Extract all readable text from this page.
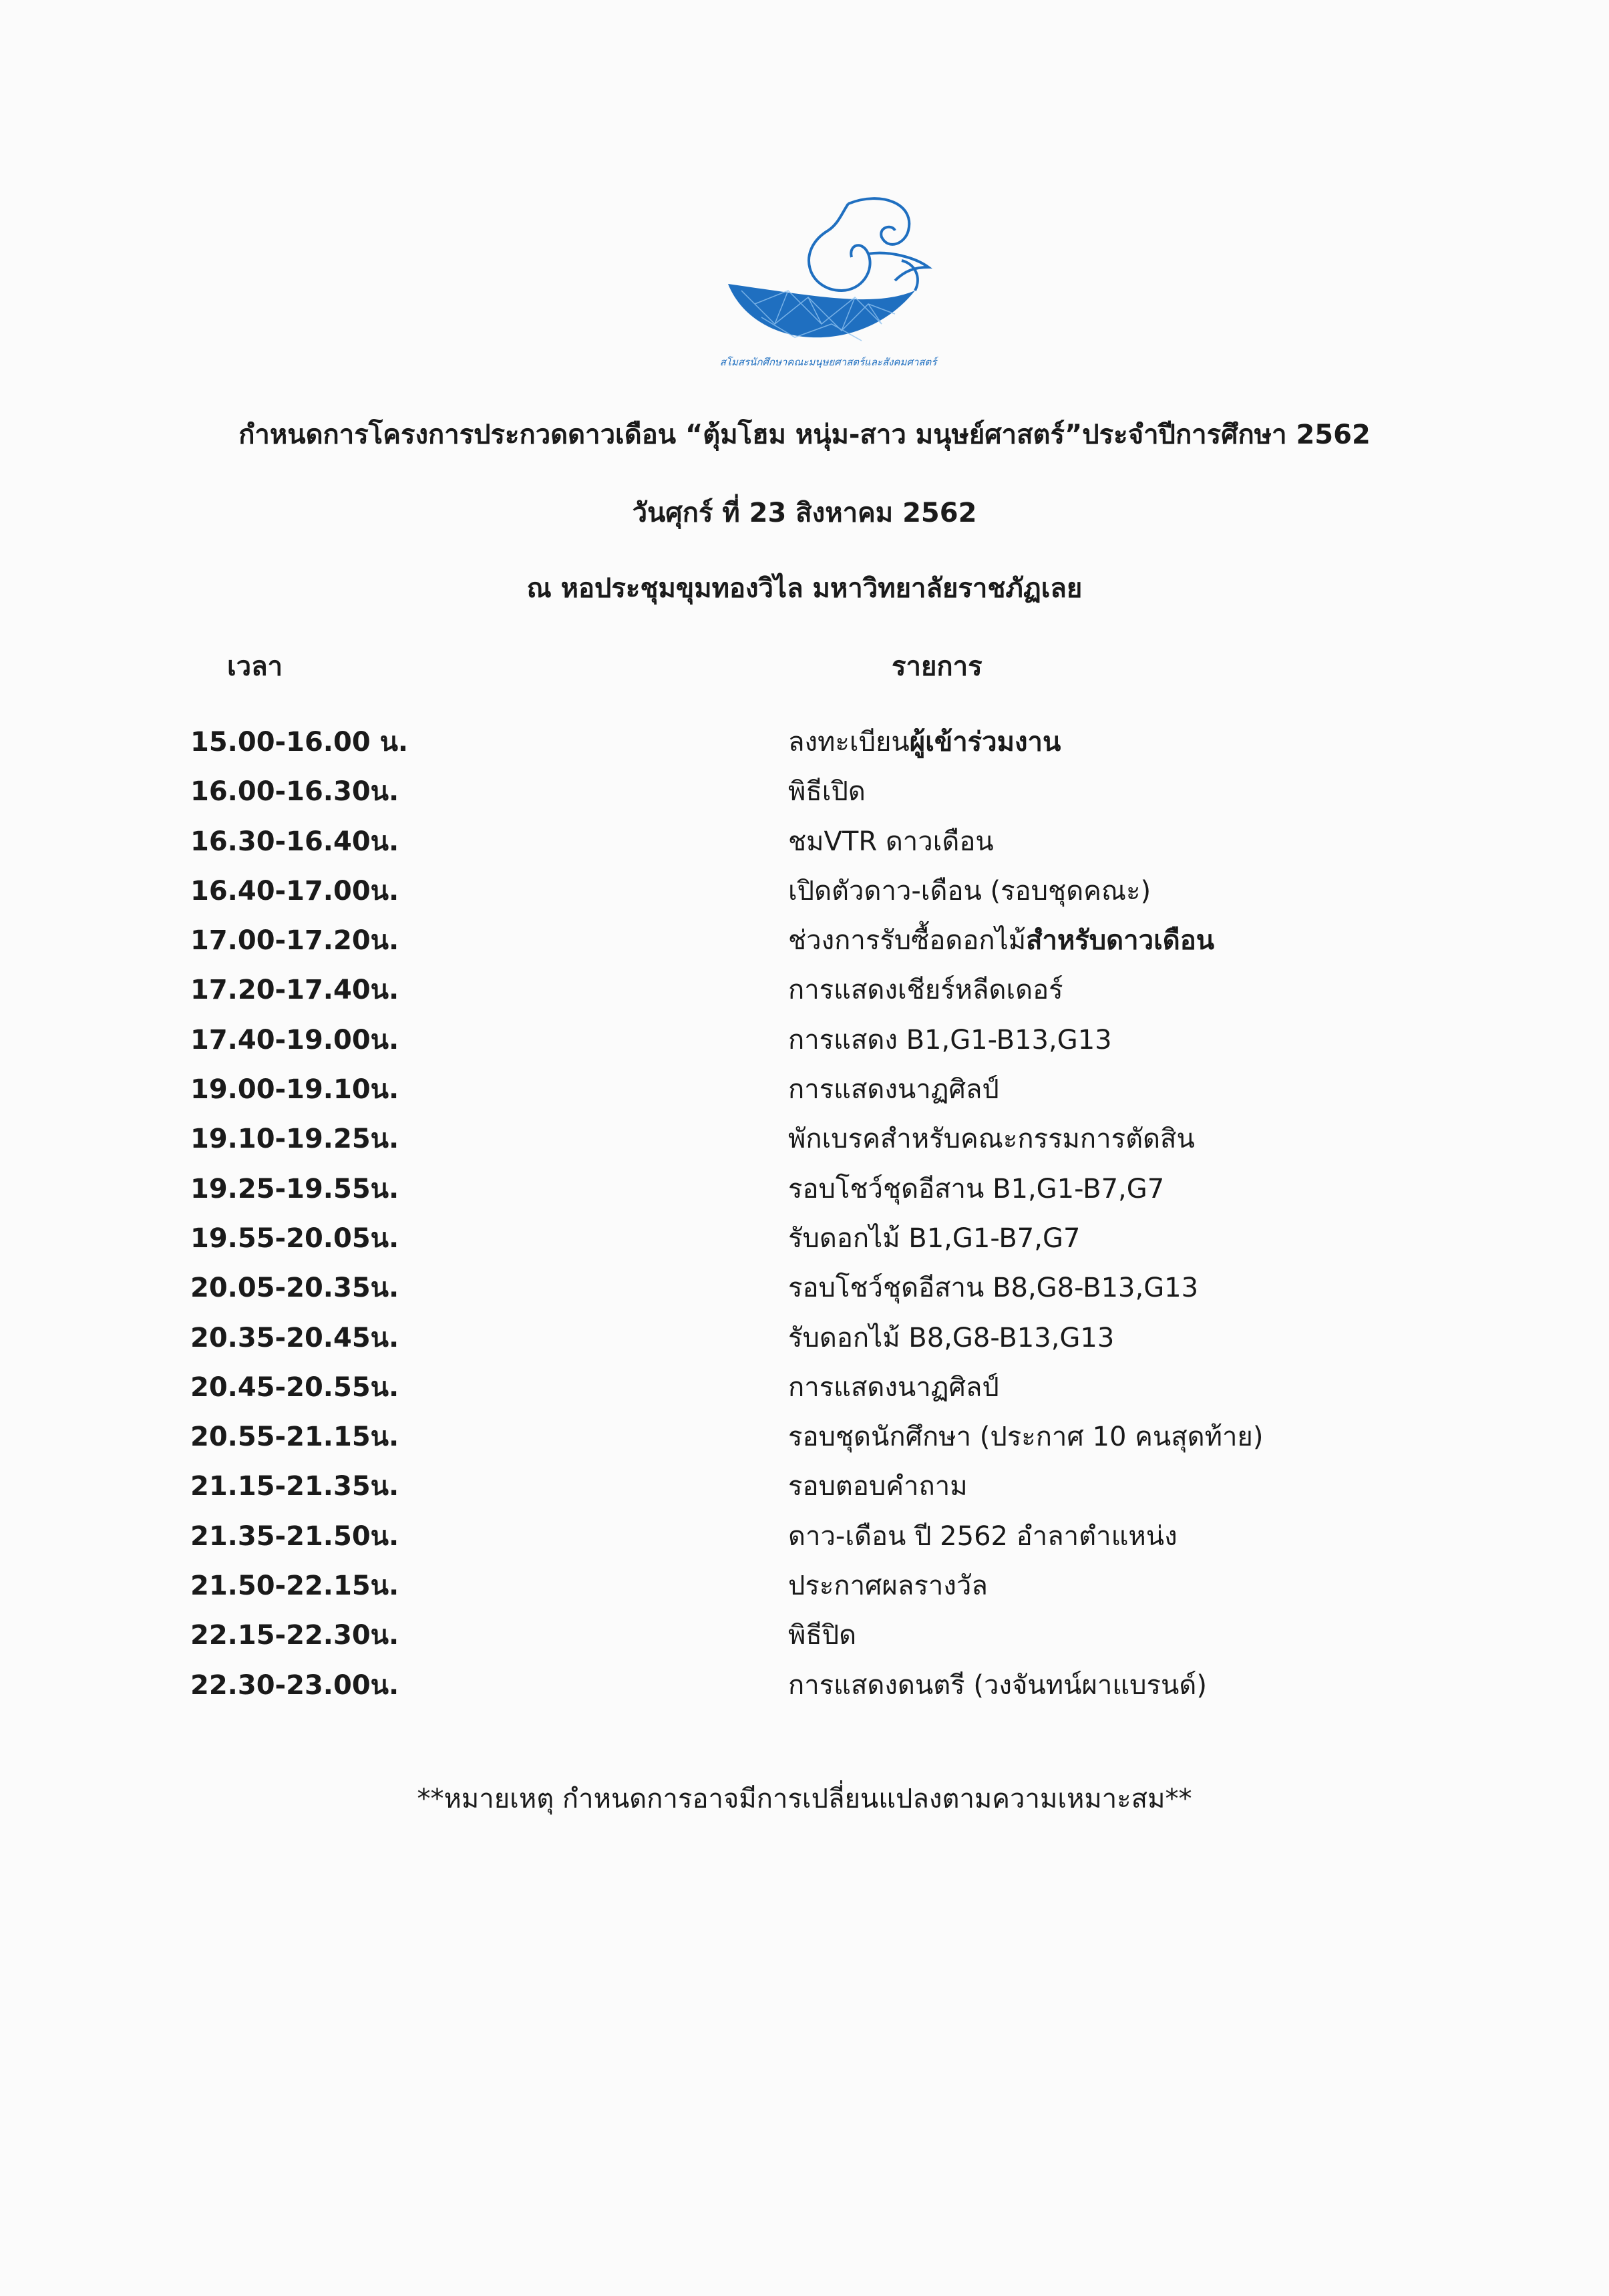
สโมสรนักศึกษาคณะมนุษยศาสตร์และสังคมศาสตร์
กำหนดการโครงการประกวดดาวเดือน “ตุ้มโฮม หนุ่ม-สาว มนุษย์ศาสตร์”ประจำปีการศึกษา 2562
วันศุกร์ ที่ 23 สิงหาคม 2562
ณ หอประชุมขุมทองวิไล มหาวิทยาลัยราชภัฏเลย
เวลา	รายการ
15.00-16.00 น.	ลงทะเบียนผู้เข้าร่วมงาน
16.00-16.30น.	พิธีเปิด
16.30-16.40น.	ชมVTR ดาวเดือน
16.40-17.00น.	เปิดตัวดาว-เดือน (รอบชุดคณะ)
17.00-17.20น.	ช่วงการรับซื้อดอกไม้สำหรับดาวเดือน
17.20-17.40น.	การแสดงเชียร์หลีดเดอร์
17.40-19.00น.	การแสดง B1,G1-B13,G13
19.00-19.10น.	การแสดงนาฏศิลป์
19.10-19.25น.	พักเบรคสำหรับคณะกรรมการตัดสิน
19.25-19.55น.	รอบโชว์ชุดอีสาน B1,G1-B7,G7
19.55-20.05น.	รับดอกไม้ B1,G1-B7,G7
20.05-20.35น.	รอบโชว์ชุดอีสาน B8,G8-B13,G13
20.35-20.45น.	รับดอกไม้ B8,G8-B13,G13
20.45-20.55น.	การแสดงนาฏศิลป์
20.55-21.15น.	รอบชุดนักศึกษา (ประกาศ 10 คนสุดท้าย)
21.15-21.35น.	รอบตอบคำถาม
21.35-21.50น.	ดาว-เดือน ปี 2562 อำลาตำแหน่ง
21.50-22.15น.	ประกาศผลรางวัล
22.15-22.30น.	พิธีปิด
22.30-23.00น.	การแสดงดนตรี (วงจันทน์ผาแบรนด์)
**หมายเหตุ กำหนดการอาจมีการเปลี่ยนแปลงตามความเหมาะสม**
